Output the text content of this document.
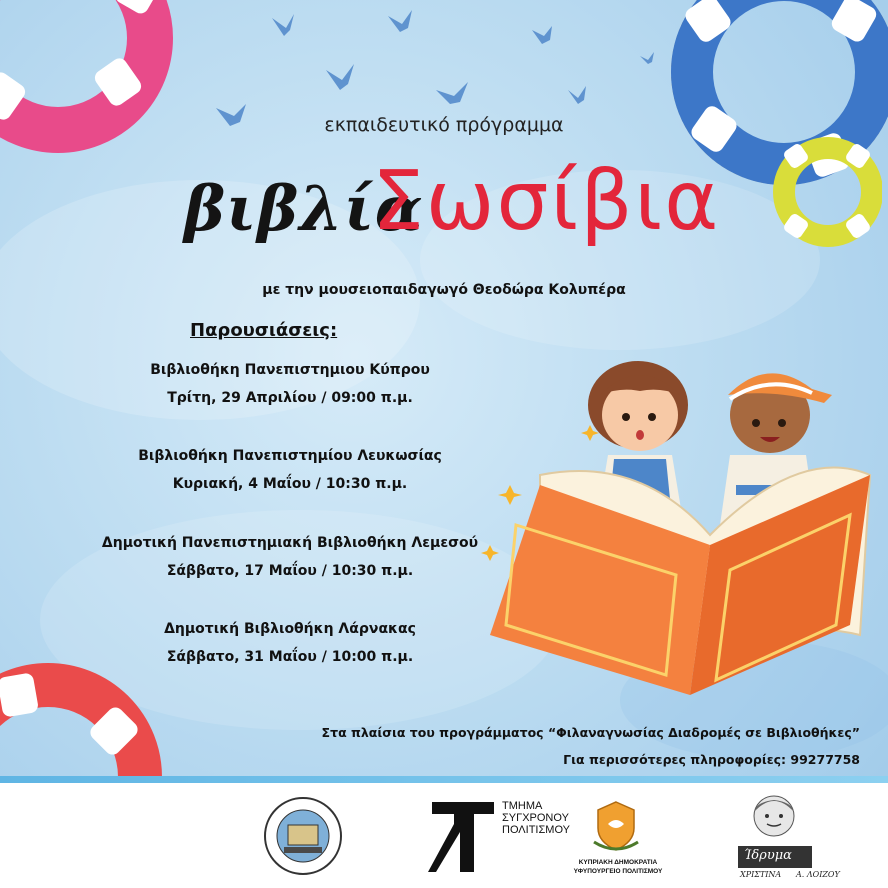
εκπαιδευτικό πρόγραμμα
βιβλία
Σωσίβια
με την μουσειοπαιδαγωγό Θεοδώρα Κολυπέρα
Παρουσιάσεις:
Βιβλιοθήκη Πανεπιστημιου Κύπρου
Τρίτη, 29 Απριλίου / 09:00 π.μ.
Βιβλιοθήκη Πανεπιστημίου Λευκωσίας
Κυριακή, 4 Μαΐου / 10:30 π.μ.
Δημοτική Πανεπιστημιακή Βιβλιοθήκη Λεμεσού
Σάββατο, 17 Μαΐου / 10:30 π.μ.
Δημοτική Βιβλιοθήκη Λάρνακας
Σάββατο, 31 Μαΐου / 10:00 π.μ.
Στα πλαίσια του προγράμματος “Φιλαναγνωσίας Διαδρομές σε Βιβλιοθήκες”
Για περισσότερες πληροφορίες: 99277758
ΤΜΗΜΑ
ΣΥΓΧΡΟΝΟΥ
ΠΟΛΙΤΙΣΜΟΥ
ΚΥΠΡΙΑΚΗ ΔΗΜΟΚΡΑΤΙΑ
ΥΦΥΠΟΥΡΓΕΙΟ ΠΟΛΙΤΙΣΜΟΥ
Ίδρυμα
ΧΡΙΣΤΙΝΑ Α. ΛΟΙΖΟΥ
